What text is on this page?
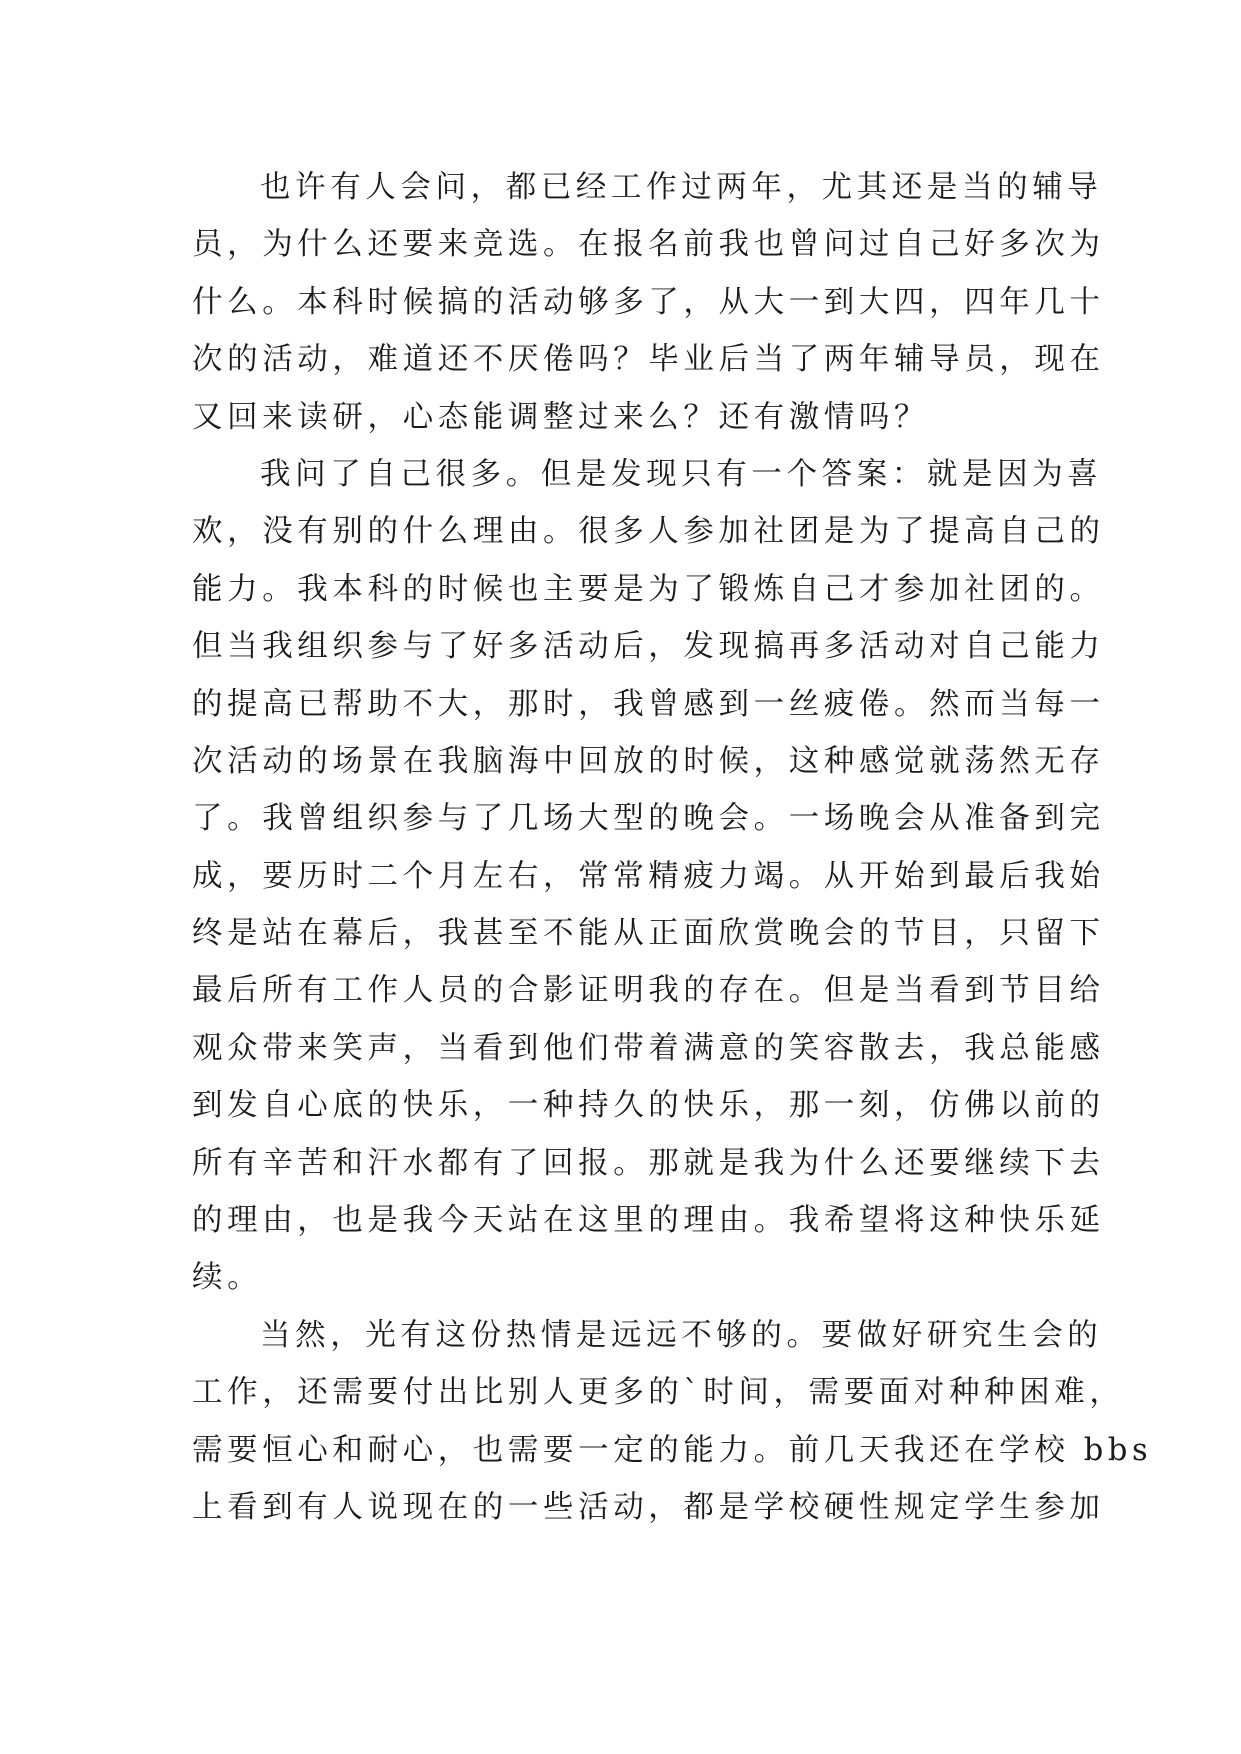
也许有人会问，都已经工作过两年，尤其还是当的辅导
员，为什么还要来竞选。在报名前我也曾问过自己好多次为
什么。本科时候搞的活动够多了，从大一到大四，四年几十
次的活动，难道还不厌倦吗？毕业后当了两年辅导员，现在
又回来读研，心态能调整过来么？还有激情吗？
我问了自己很多。但是发现只有一个答案：就是因为喜
欢，没有别的什么理由。很多人参加社团是为了提高自己的
能力。我本科的时候也主要是为了锻炼自己才参加社团的。
但当我组织参与了好多活动后，发现搞再多活动对自己能力
的提高已帮助不大，那时，我曾感到一丝疲倦。然而当每一
次活动的场景在我脑海中回放的时候，这种感觉就荡然无存
了。我曾组织参与了几场大型的晚会。一场晚会从准备到完
成，要历时二个月左右，常常精疲力竭。从开始到最后我始
终是站在幕后，我甚至不能从正面欣赏晚会的节目，只留下
最后所有工作人员的合影证明我的存在。但是当看到节目给
观众带来笑声，当看到他们带着满意的笑容散去，我总能感
到发自心底的快乐，一种持久的快乐，那一刻，仿佛以前的
所有辛苦和汗水都有了回报。那就是我为什么还要继续下去
的理由，也是我今天站在这里的理由。我希望将这种快乐延
续。
当然，光有这份热情是远远不够的。要做好研究生会的
工作，还需要付出比别人更多的`时间，需要面对种种困难，
需要恒心和耐心，也需要一定的能力。前几天我还在学校 bbs
上看到有人说现在的一些活动，都是学校硬性规定学生参加
